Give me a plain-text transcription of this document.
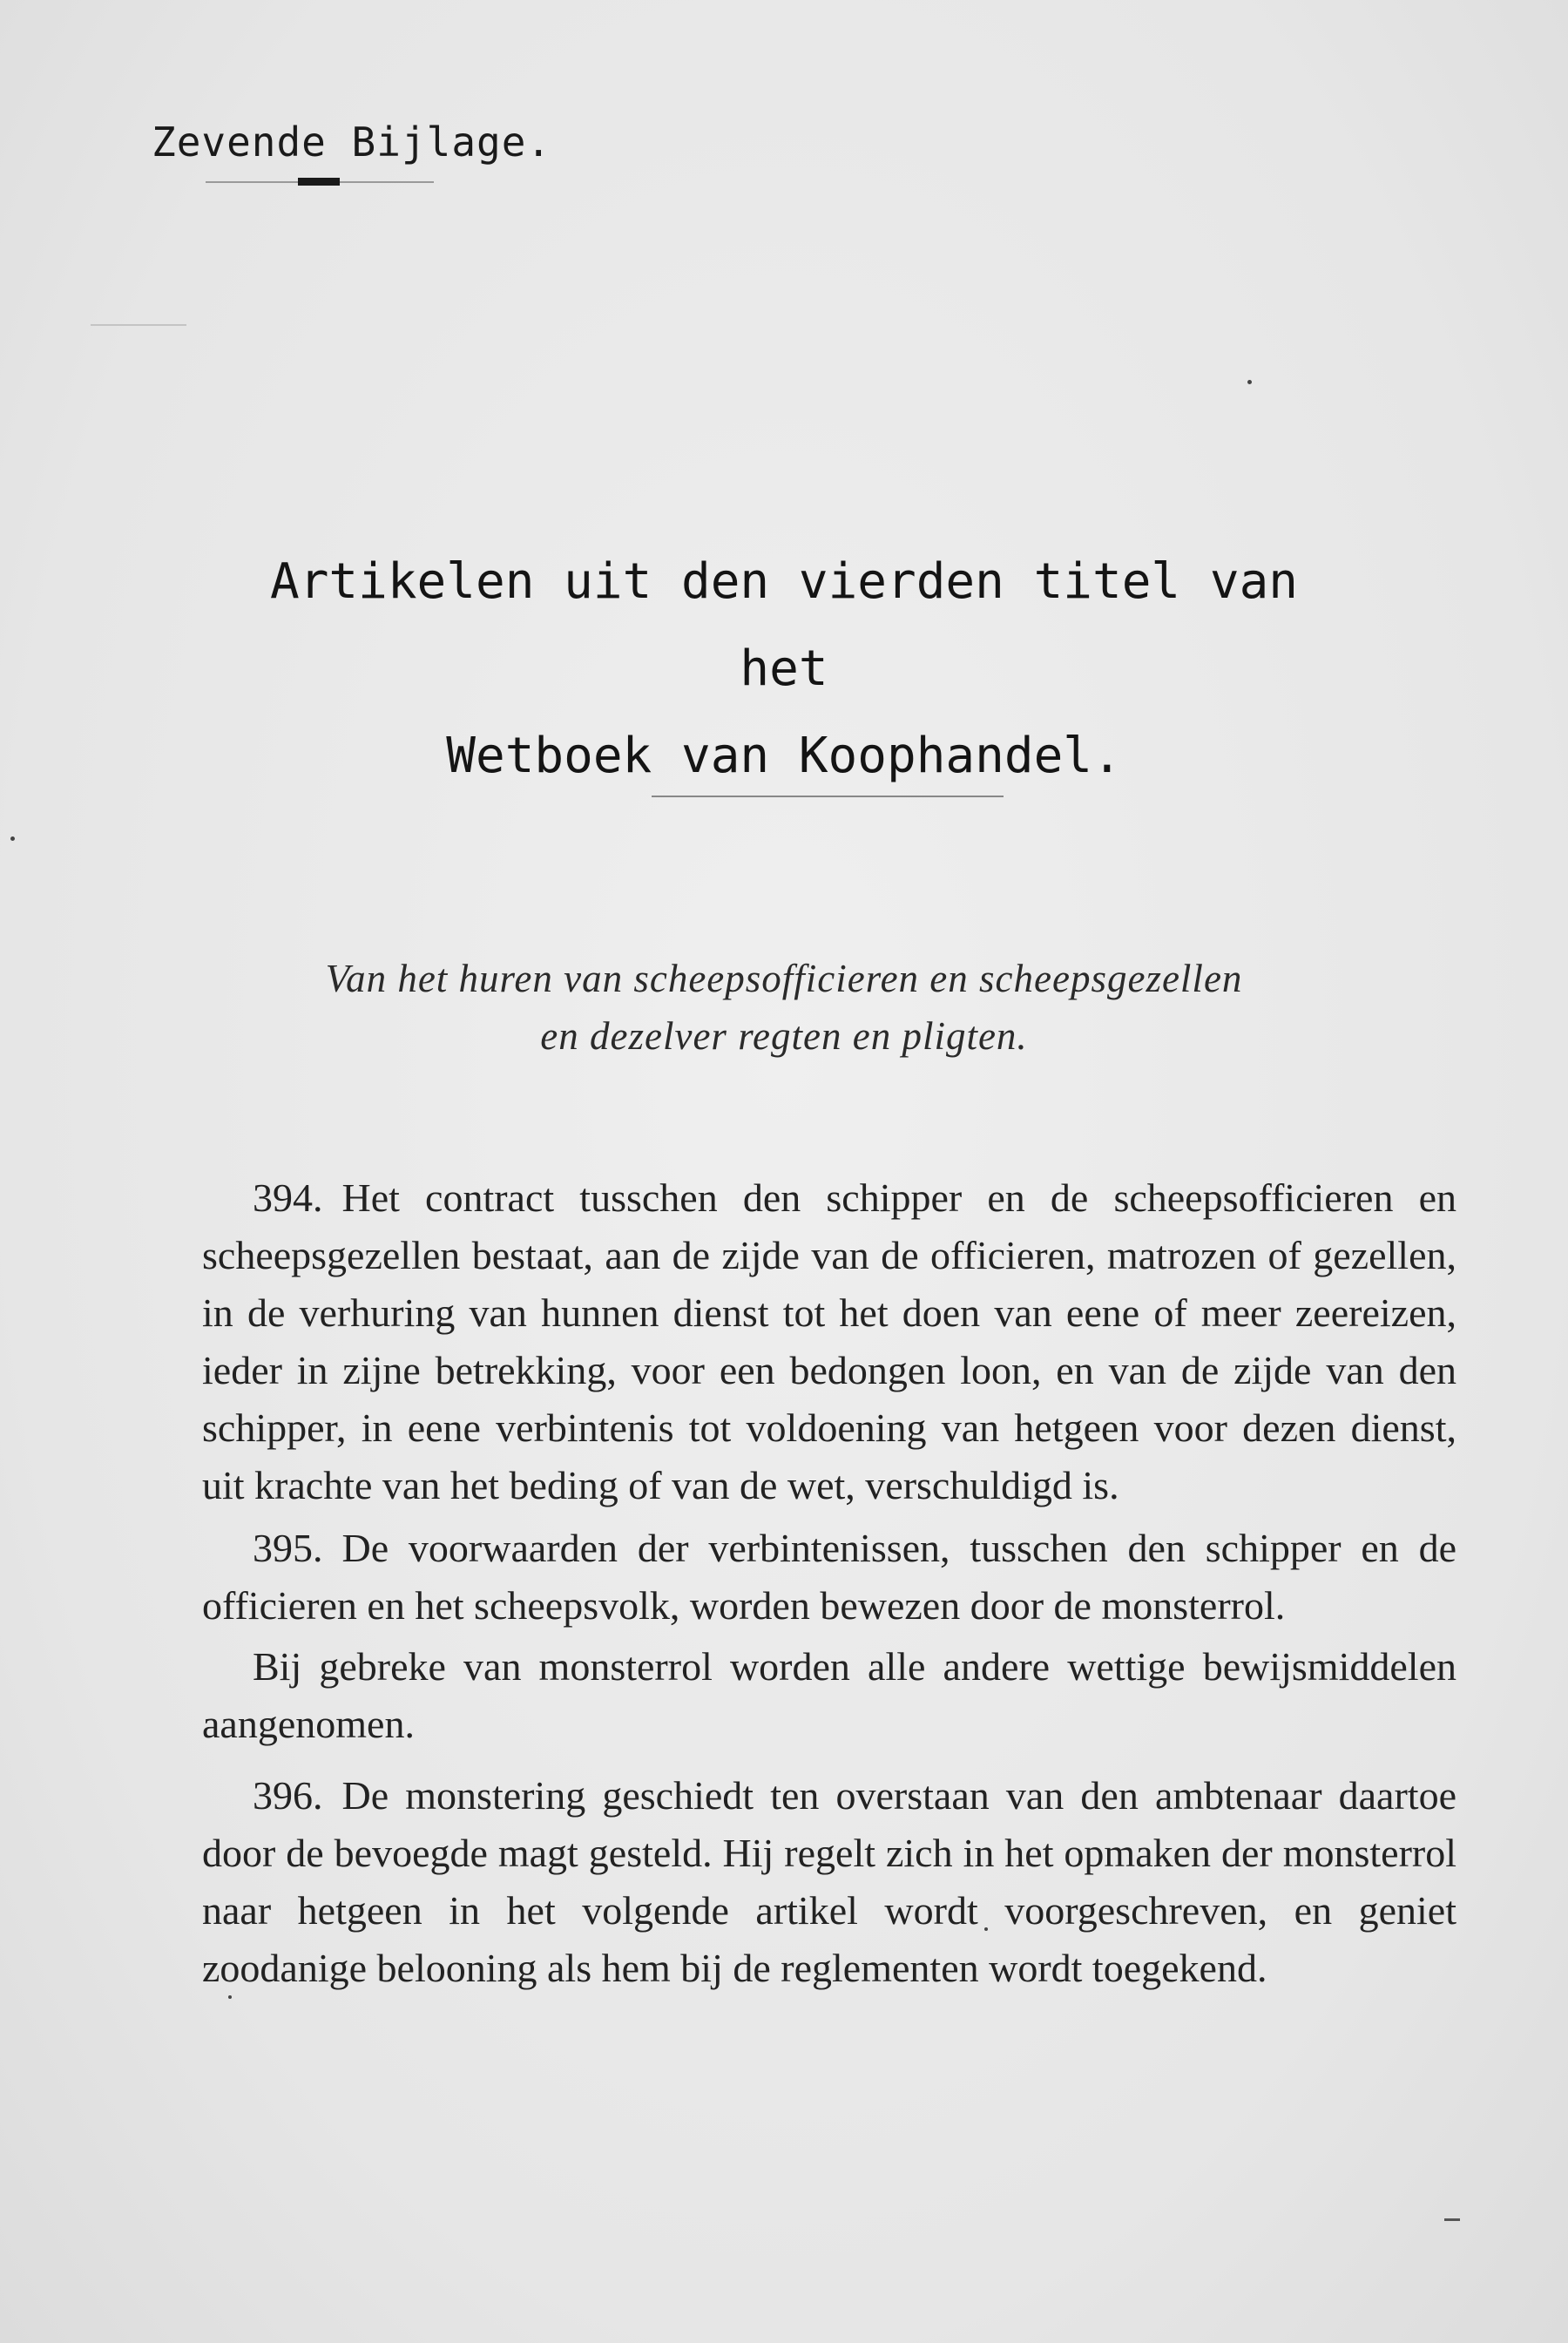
Zevende Bijlage.
Artikelen uit den vierden titel van het
Wetboek van Koophandel.
Van het huren van scheepsofficieren en scheepsgezellen
en dezelver regten en pligten.

394. Het contract tusschen den schipper en de scheepsofficieren en scheepsgezellen bestaat, aan de zijde van de officieren, matrozen of gezellen, in de verhuring van hunnen dienst tot het doen van eene of meer zeereizen, ieder in zijne betrekking, voor een bedongen loon, en van de zijde van den schipper, in eene verbintenis tot voldoening van hetgeen voor dezen dienst, uit krachte van het beding of van de wet, verschuldigd is.

395. De voorwaarden der verbintenissen, tusschen den schipper en de officieren en het scheepsvolk, worden bewezen door de monsterrol.

Bij gebreke van monsterrol worden alle andere wettige bewijsmiddelen aangenomen.

396. De monstering geschiedt ten overstaan van den ambtenaar daartoe door de bevoegde magt gesteld. Hij regelt zich in het opmaken der monsterrol naar hetgeen in het volgende artikel wordt voorgeschreven, en geniet zoodanige belooning als hem bij de reglementen wordt toegekend.
